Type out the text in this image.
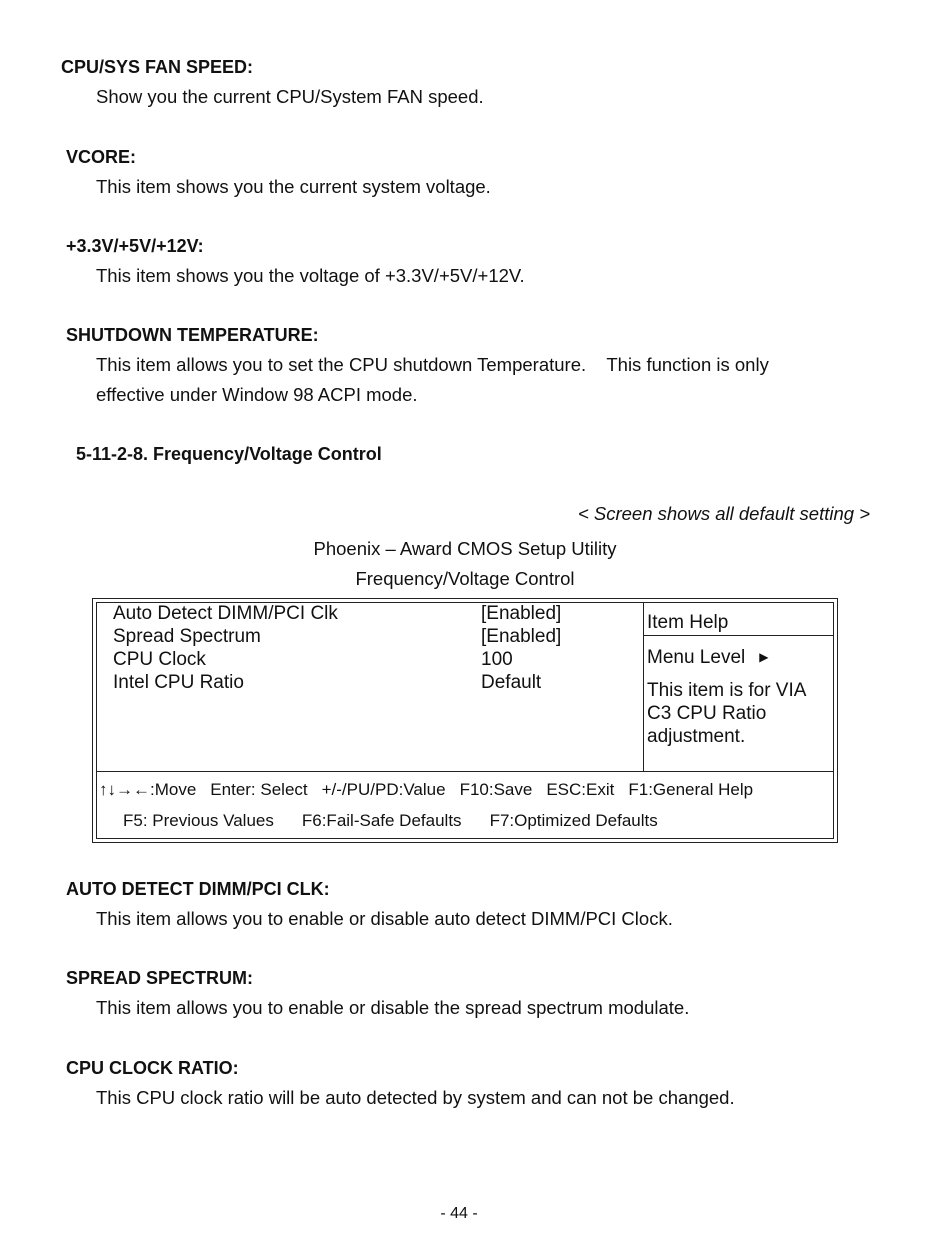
CPU/SYS FAN SPEED:
Show you the current CPU/System FAN speed.
VCORE:
This item shows you the current system voltage.
+3.3V/+5V/+12V:
This item shows you the voltage of +3.3V/+5V/+12V.
SHUTDOWN TEMPERATURE:
This item allows you to set the CPU shutdown Temperature.    This function is only
effective under Window 98 ACPI mode.
5-11-2-8. Frequency/Voltage Control
< Screen shows all default setting >
Phoenix – Award CMOS Setup Utility
Frequency/Voltage Control
Auto Detect DIMM/PCI Clk	[Enabled]
Spread Spectrum	[Enabled]
CPU Clock	100
Intel CPU Ratio	Default
Item Help
Menu Level ▶
This item is for VIA C3 CPU Ratio adjustment.
↑↓→←:Move Enter: Select +/-/PU/PD:Value F10:Save ESC:Exit F1:General Help
F5: Previous Values F6:Fail-Safe Defaults F7:Optimized Defaults
AUTO DETECT DIMM/PCI CLK:
This item allows you to enable or disable auto detect DIMM/PCI Clock.
SPREAD SPECTRUM:
This item allows you to enable or disable the spread spectrum modulate.
CPU CLOCK RATIO:
This CPU clock ratio will be auto detected by system and can not be changed.
- 44 -
